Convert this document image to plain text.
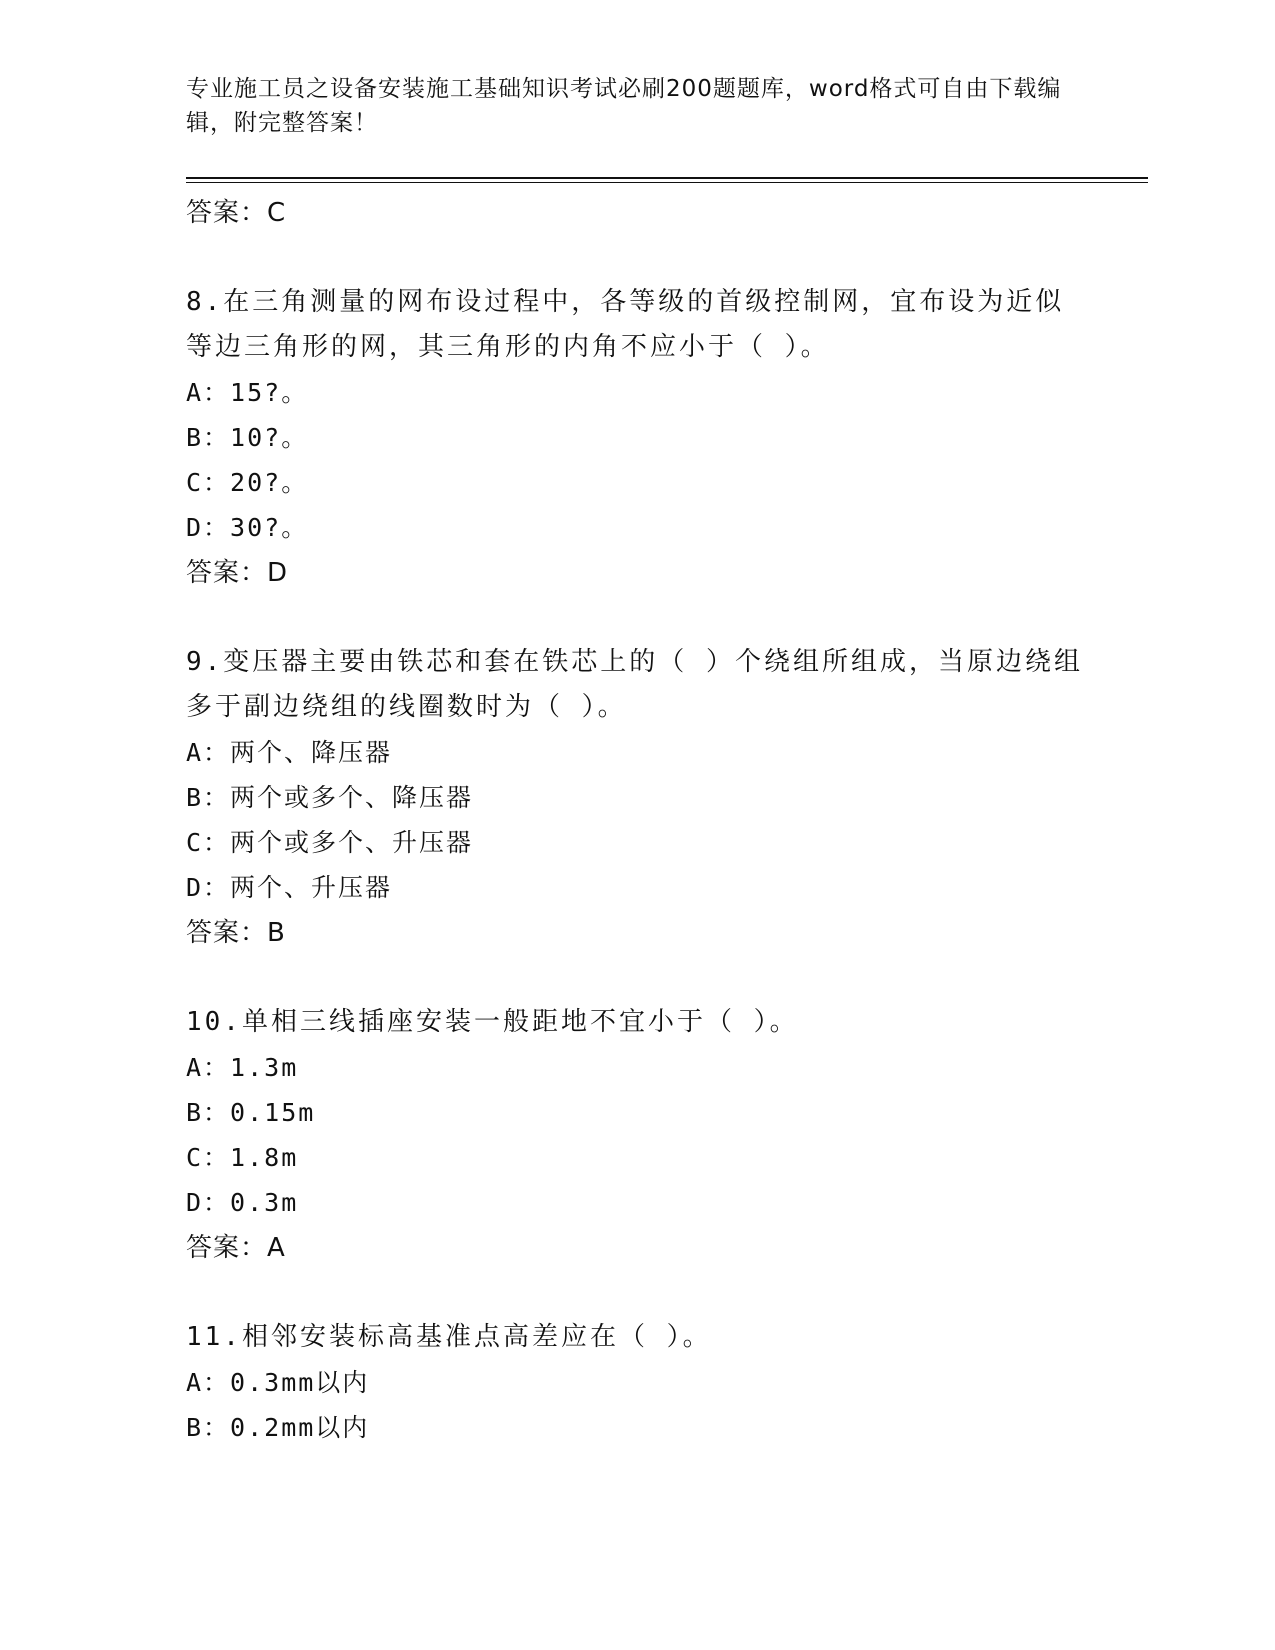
专业施工员之设备安装施工基础知识考试必刷200题题库，word格式可自由下载编辑，附完整答案！
答案：C
8.在三角测量的网布设过程中，各等级的首级控制网，宜布设为近似
等边三角形的网，其三角形的内角不应小于（ ）。
A：15?。
B：10?。
C：20?。
D：30?。
答案：D
9.变压器主要由铁芯和套在铁芯上的（ ）个绕组所组成，当原边绕组
多于副边绕组的线圈数时为（ ）。
A：两个、降压器
B：两个或多个、降压器
C：两个或多个、升压器
D：两个、升压器
答案：B
10.单相三线插座安装一般距地不宜小于（ ）。
A：1.3m
B：0.15m
C：1.8m
D：0.3m
答案：A
11.相邻安装标高基准点高差应在（ ）。
A：0.3mm以内
B：0.2mm以内
